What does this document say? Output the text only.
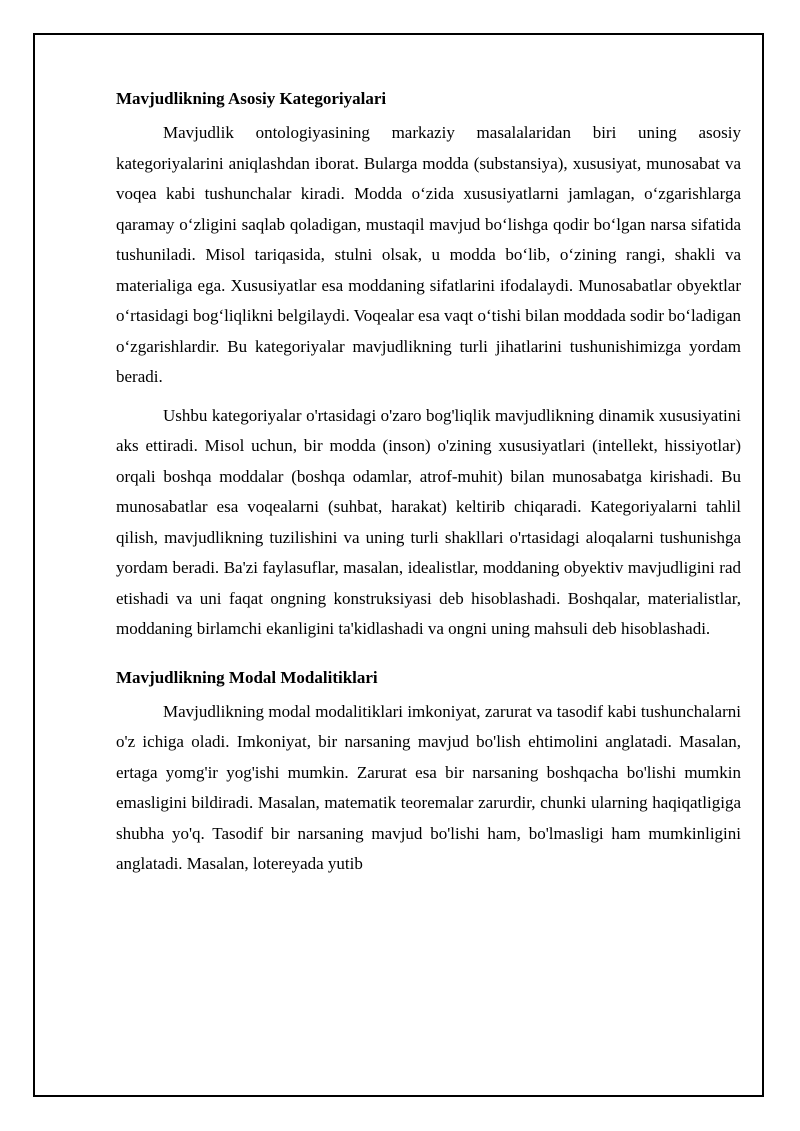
Mavjudlikning Asosiy Kategoriyalari

Mavjudlik ontologiyasining markaziy masalalaridan biri uning asosiy kategoriyalarini aniqlashdan iborat. Bularga modda (substansiya), xususiyat, munosabat va voqea kabi tushunchalar kiradi. Modda o‘zida xususiyatlarni jamlagan, o‘zgarishlarga qaramay o‘zligini saqlab qoladigan, mustaqil mavjud bo‘lishga qodir bo‘lgan narsa sifatida tushuniladi. Misol tariqasida, stulni olsak, u modda bo‘lib, o‘zining rangi, shakli va materialiga ega. Xususiyatlar esa moddaning sifatlarini ifodalaydi. Munosabatlar obyektlar o‘rtasidagi bog‘liqlikni belgilaydi. Voqealar esa vaqt o‘tishi bilan moddada sodir bo‘ladigan o‘zgarishlardir. Bu kategoriyalar mavjudlikning turli jihatlarini tushunishimizga yordam beradi.

Ushbu kategoriyalar o'rtasidagi o'zaro bog'liqlik mavjudlikning dinamik xususiyatini aks ettiradi. Misol uchun, bir modda (inson) o'zining xususiyatlari (intellekt, hissiyotlar) orqali boshqa moddalar (boshqa odamlar, atrof-muhit) bilan munosabatga kirishadi. Bu munosabatlar esa voqealarni (suhbat, harakat) keltirib chiqaradi. Kategoriyalarni tahlil qilish, mavjudlikning tuzilishini va uning turli shakllari o'rtasidagi aloqalarni tushunishga yordam beradi. Ba'zi faylasuflar, masalan, idealistlar, moddaning obyektiv mavjudligini rad etishadi va uni faqat ongning konstruksiyasi deb hisoblashadi. Boshqalar, materialistlar, moddaning birlamchi ekanligini ta'kidlashadi va ongni uning mahsuli deb hisoblashadi.

Mavjudlikning Modal Modalitiklari

Mavjudlikning modal modalitiklari imkoniyat, zarurat va tasodif kabi tushunchalarni o'z ichiga oladi. Imkoniyat, bir narsaning mavjud bo'lish ehtimolini anglatadi. Masalan, ertaga yomg'ir yog'ishi mumkin. Zarurat esa bir narsaning boshqacha bo'lishi mumkin emasligini bildiradi. Masalan, matematik teoremalar zarurdir, chunki ularning haqiqatligiga shubha yo'q. Tasodif bir narsaning mavjud bo'lishi ham, bo'lmasligi ham mumkinligini anglatadi. Masalan, lotereyada yutib
